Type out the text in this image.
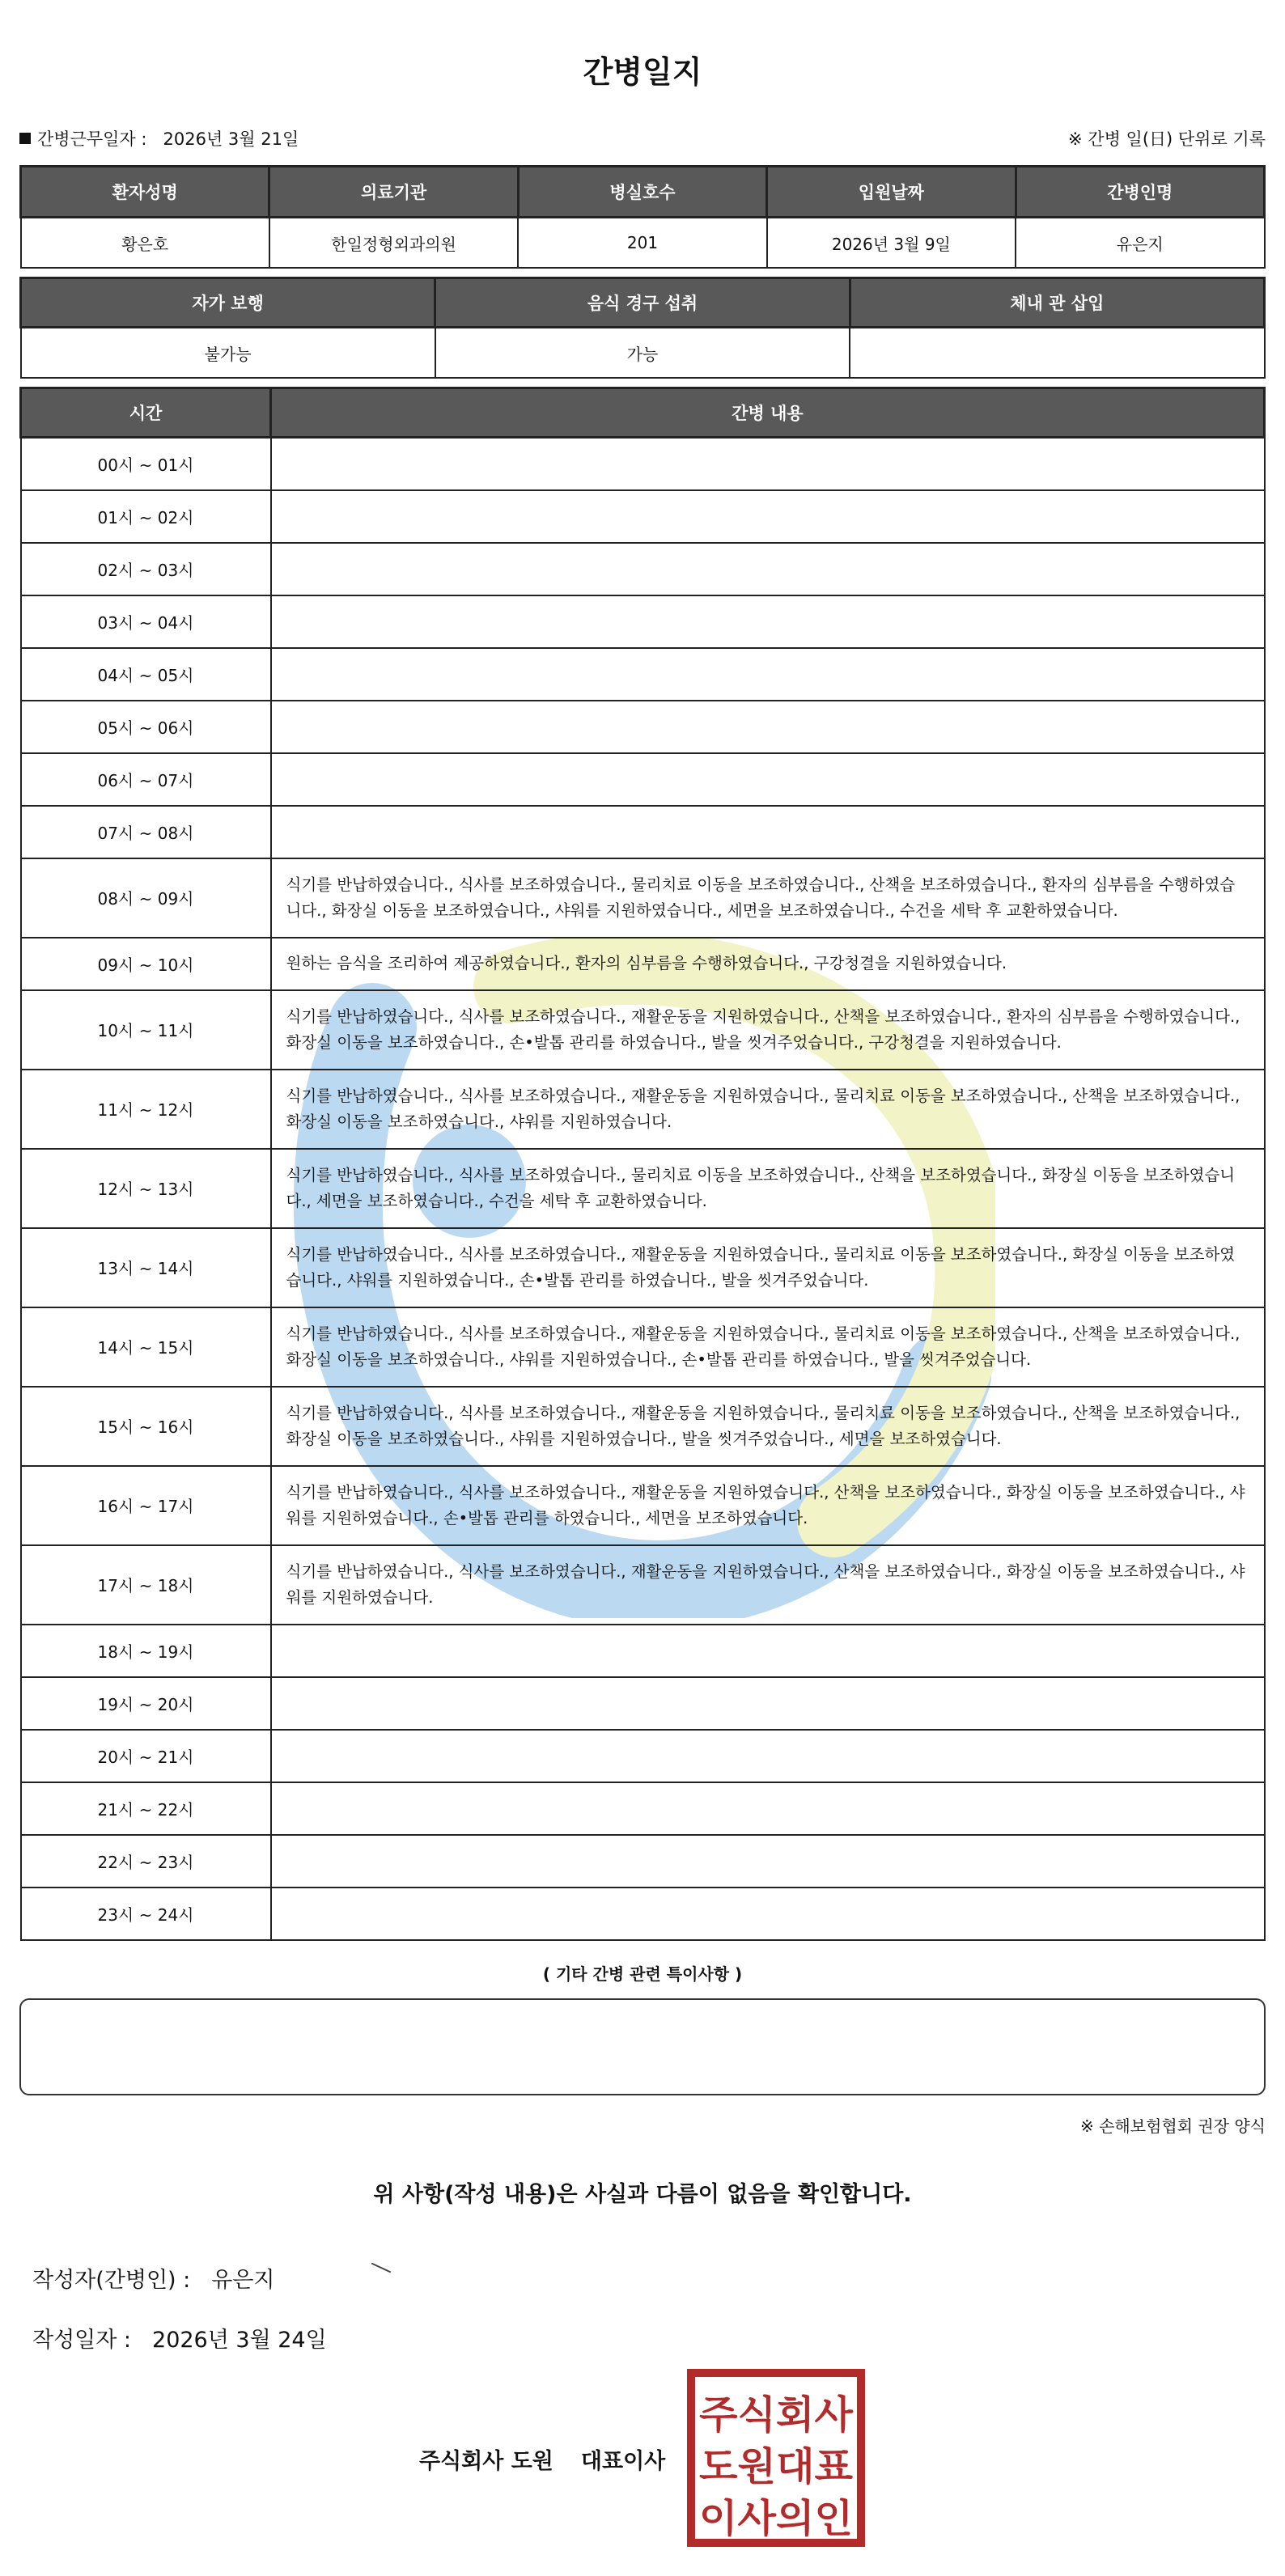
간병일지
간병근무일자 : 2026년 3월 21일	※ 간병 일(日) 단위로 기록
환자성명	의료기관	병실호수	입원날짜	간병인명
황은호	한일정형외과의원	201	2026년 3월 9일	유은지
자가 보행	음식 경구 섭취	체내 관 삽입
불가능	가능	
시간	간병 내용
00시 ~ 01시	
01시 ~ 02시	
02시 ~ 03시	
03시 ~ 04시	
04시 ~ 05시	
05시 ~ 06시	
06시 ~ 07시	
07시 ~ 08시	
08시 ~ 09시	식기를 반납하였습니다., 식사를 보조하였습니다., 물리치료 이동을 보조하였습니다., 산책을 보조하였습니다., 환자의 심부름을 수행하였습니다., 화장실 이동을 보조하였습니다., 샤워를 지원하였습니다., 세면을 보조하였습니다., 수건을 세탁 후 교환하였습니다.
09시 ~ 10시	원하는 음식을 조리하여 제공하였습니다., 환자의 심부름을 수행하였습니다., 구강청결을 지원하였습니다.
10시 ~ 11시	식기를 반납하였습니다., 식사를 보조하였습니다., 재활운동을 지원하였습니다., 산책을 보조하였습니다., 환자의 심부름을 수행하였습니다., 화장실 이동을 보조하였습니다., 손•발톱 관리를 하였습니다., 발을 씻겨주었습니다., 구강청결을 지원하였습니다.
11시 ~ 12시	식기를 반납하였습니다., 식사를 보조하였습니다., 재활운동을 지원하였습니다., 물리치료 이동을 보조하였습니다., 산책을 보조하였습니다., 화장실 이동을 보조하였습니다., 샤워를 지원하였습니다.
12시 ~ 13시	식기를 반납하였습니다., 식사를 보조하였습니다., 물리치료 이동을 보조하였습니다., 산책을 보조하였습니다., 화장실 이동을 보조하였습니다., 세면을 보조하였습니다., 수건을 세탁 후 교환하였습니다.
13시 ~ 14시	식기를 반납하였습니다., 식사를 보조하였습니다., 재활운동을 지원하였습니다., 물리치료 이동을 보조하였습니다., 화장실 이동을 보조하였습니다., 샤워를 지원하였습니다., 손•발톱 관리를 하였습니다., 발을 씻겨주었습니다.
14시 ~ 15시	식기를 반납하였습니다., 식사를 보조하였습니다., 재활운동을 지원하였습니다., 물리치료 이동을 보조하였습니다., 산책을 보조하였습니다., 화장실 이동을 보조하였습니다., 샤워를 지원하였습니다., 손•발톱 관리를 하였습니다., 발을 씻겨주었습니다.
15시 ~ 16시	식기를 반납하였습니다., 식사를 보조하였습니다., 재활운동을 지원하였습니다., 물리치료 이동을 보조하였습니다., 산책을 보조하였습니다., 화장실 이동을 보조하였습니다., 샤워를 지원하였습니다., 발을 씻겨주었습니다., 세면을 보조하였습니다.
16시 ~ 17시	식기를 반납하였습니다., 식사를 보조하였습니다., 재활운동을 지원하였습니다., 산책을 보조하였습니다., 화장실 이동을 보조하였습니다., 샤워를 지원하였습니다., 손•발톱 관리를 하였습니다., 세면을 보조하였습니다.
17시 ~ 18시	식기를 반납하였습니다., 식사를 보조하였습니다., 재활운동을 지원하였습니다., 산책을 보조하였습니다., 화장실 이동을 보조하였습니다., 샤워를 지원하였습니다.
18시 ~ 19시	
19시 ~ 20시	
20시 ~ 21시	
21시 ~ 22시	
22시 ~ 23시	
23시 ~ 24시	
( 기타 간병 관련 특이사항 )
※ 손해보험협회 권장 양식
위 사항(작성 내용)은 사실과 다름이 없음을 확인합니다.
작성자(간병인) : 유은지
작성일자 : 2026년 3월 24일
주식회사 도원 대표이사
주식회사
도원대표
이사의인
